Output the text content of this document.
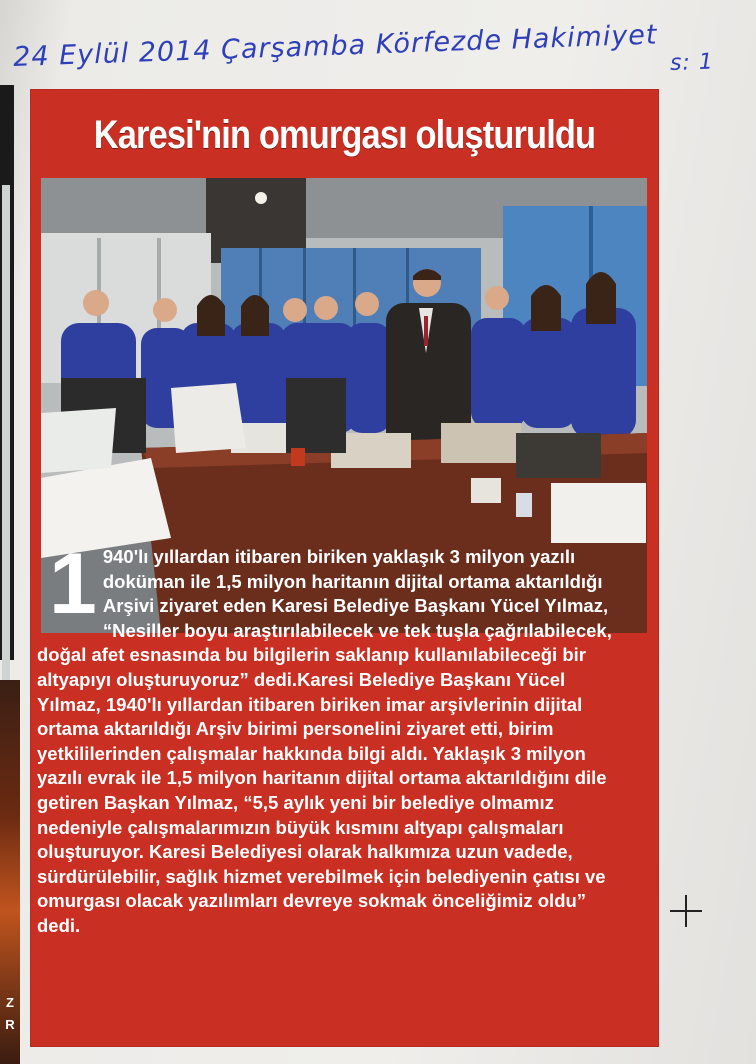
Z
R
24 Eylül 2014 Çarşamba Körfezde Hakimiyet s: 1
Karesi'nin omurgası oluşturuldu
1 940'lı yıllardan itibaren biriken yaklaşık 3 milyon yazılı doküman ile 1,5 milyon haritanın dijital ortama aktarıldığı Arşivi ziyaret eden Karesi Belediye Başkanı Yücel Yılmaz, “Nesiller boyu araştırılabilecek ve tek tuşla çağrılabilecek, doğal afet esnasında bu bilgilerin saklanıp kullanılabileceği bir altyapıyı oluşturuyoruz” dedi.Karesi Belediye Başkanı Yücel Yılmaz, 1940'lı yıllardan itibaren biriken imar arşivlerinin dijital ortama aktarıldığı Arşiv birimi personelini ziyaret etti, birim yetkililerinden çalışmalar hakkında bilgi aldı. Yaklaşık 3 milyon yazılı evrak ile 1,5 milyon haritanın dijital ortama aktarıldığını dile getiren Başkan Yılmaz, “5,5 aylık yeni bir belediye olmamız nedeniyle çalışmalarımızın büyük kısmını altyapı çalışmaları oluşturuyor. Karesi Belediyesi olarak halkımıza uzun vadede, sürdürülebilir, sağlık hizmet verebilmek için belediyenin çatısı ve omurgası olacak yazılımları devreye sokmak önceliğimiz oldu” dedi.
